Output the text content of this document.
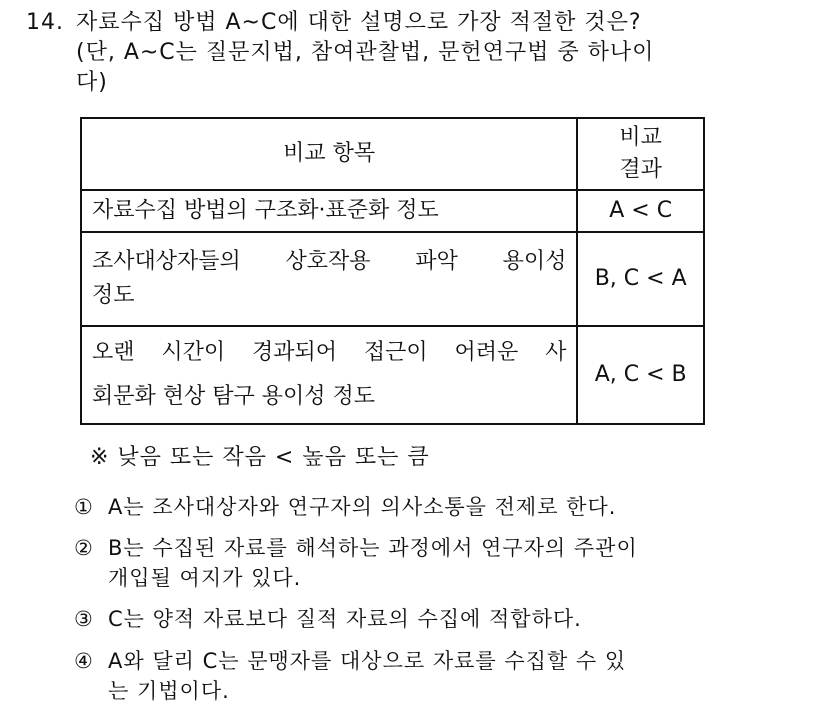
14. 자료수집 방법 A~C에 대한 설명으로 가장 적절한 것은?
(단, A~C는 질문지법, 참여관찰법, 문헌연구법 중 하나이
다)
비교 항목	비교
결과

자료수집 방법의 구조화·표준화 정도	A < C

조사대상자들의 상호작용 파악 용이성
정도	B, C < A

오랜 시간이 경과되어 접근이 어려운 사
회문화 현상 탐구 용이성 정도	A, C < B
※ 낮음 또는 작음 < 높음 또는 큼
① A는 조사대상자와 연구자의 의사소통을 전제로 한다.
② B는 수집된 자료를 해석하는 과정에서 연구자의 주관이
개입될 여지가 있다.
③ C는 양적 자료보다 질적 자료의 수집에 적합하다.
④ A와 달리 C는 문맹자를 대상으로 자료를 수집할 수 있
는 기법이다.
